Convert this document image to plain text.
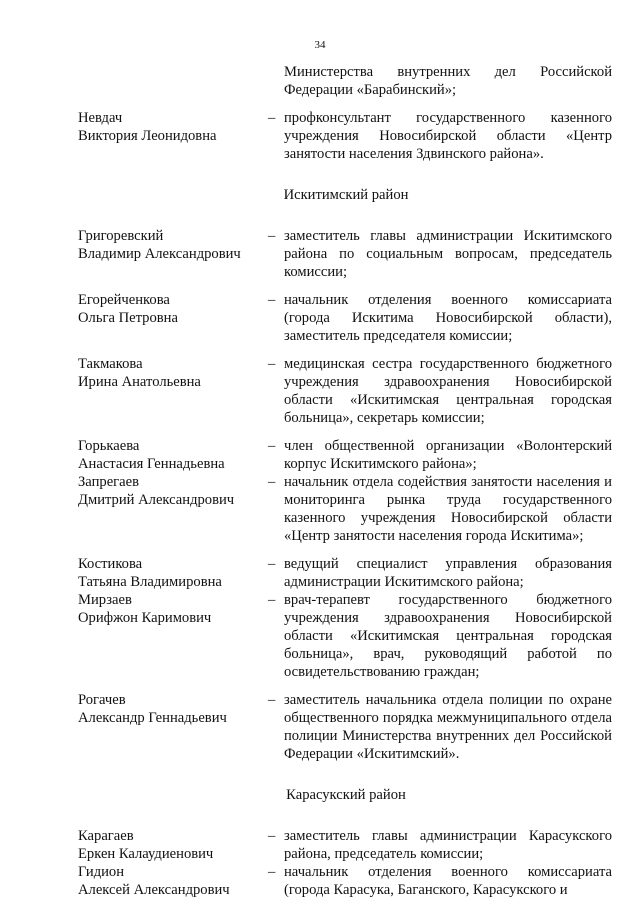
34
Министерства внутренних дел Российской Федерации «Барабинский»;
Невдач
Виктория Леонидовна
– профконсультант государственного казенного учреждения Новосибирской области «Центр занятости населения Здвинского района».
Искитимский район
Григоревский
Владимир Александрович
– заместитель главы администрации Искитимского района по социальным вопросам, председатель комиссии;
Егорейченкова
Ольга Петровна
– начальник отделения военного комиссариата (города Искитима Новосибирской области), заместитель председателя комиссии;
Такмакова
Ирина Анатольевна
– медицинская сестра государственного бюджетного учреждения здравоохранения Новосибирской области «Искитимская центральная городская больница», секретарь комиссии;
Горькаева
Анастасия Геннадьевна
– член общественной организации «Волонтерский корпус Искитимского района»;
Запрегаев
Дмитрий Александрович
– начальник отдела содействия занятости населения и мониторинга рынка труда государственного казенного учреждения Новосибирской области «Центр занятости населения города Искитима»;
Костикова
Татьяна Владимировна
– ведущий специалист управления образования администрации Искитимского района;
Мирзаев
Орифжон Каримович
– врач-терапевт государственного бюджетного учреждения здравоохранения Новосибирской области «Искитимская центральная городская больница», врач, руководящий работой по освидетельствованию граждан;
Рогачев
Александр Геннадьевич
– заместитель начальника отдела полиции по охране общественного порядка межмуниципального отдела полиции Министерства внутренних дел Российской Федерации «Искитимский».
Карасукский район
Карагаев
Еркен Калаудиенович
– заместитель главы администрации Карасукского района, председатель комиссии;
Гидион
Алексей Александрович
– начальник отделения военного комиссариата (города Карасука, Баганского, Карасукского и
